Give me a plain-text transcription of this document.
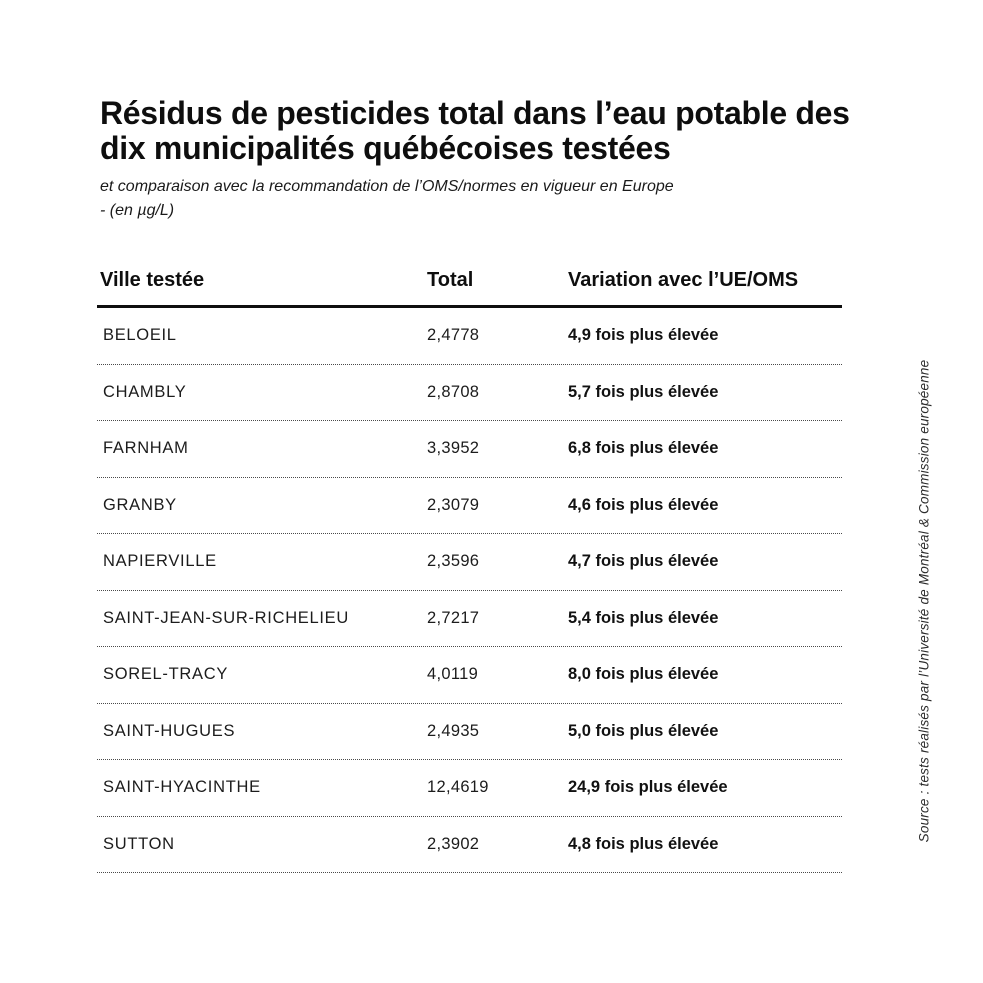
Résidus de pesticides total dans l’eau potable des dix municipalités québécoises testées
et comparaison avec la recommandation de l’OMS/normes en vigueur en Europe
- (en µg/L)
Ville testée	Total	Variation avec l’UE/OMS
BELOEIL	2,4778	4,9 fois plus élevée
CHAMBLY	2,8708	5,7 fois plus élevée
FARNHAM	3,3952	6,8 fois plus élevée
GRANBY	2,3079	4,6 fois plus élevée
NAPIERVILLE	2,3596	4,7 fois plus élevée
SAINT-JEAN-SUR-RICHELIEU	2,7217	5,4 fois plus élevée
SOREL-TRACY	4,0119	8,0 fois plus élevée
SAINT-HUGUES	2,4935	5,0 fois plus élevée
SAINT-HYACINTHE	12,4619	24,9 fois plus élevée
SUTTON	2,3902	4,8 fois plus élevée
Source : tests réalisés par l’Université de Montréal & Commission européenne
